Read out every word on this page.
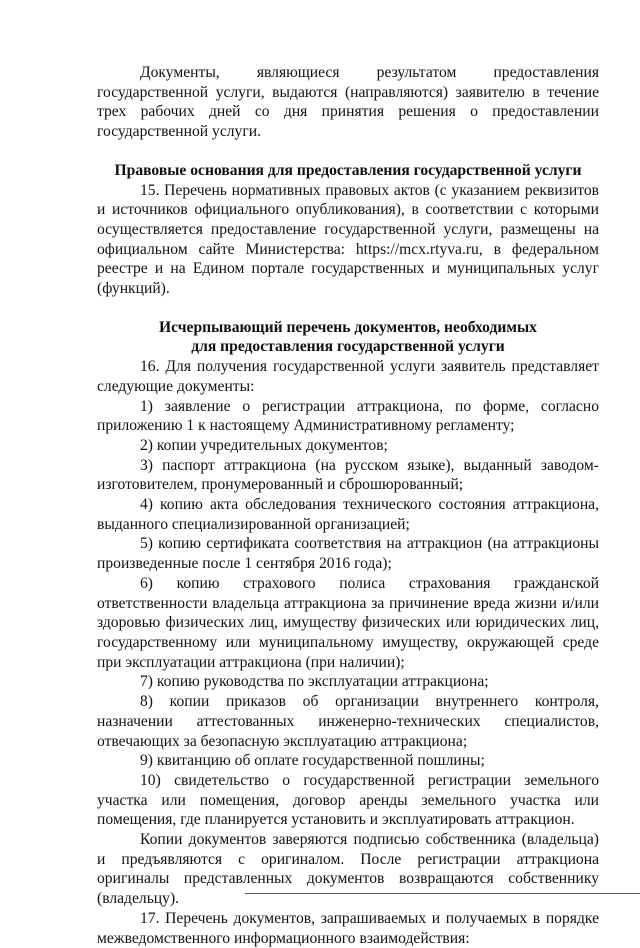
Документы, являющиеся результатом предоставления государственной услуги, выдаются (направляются) заявителю в течение трех рабочих дней со дня принятия решения о предоставлении государственной услуги.

Правовые основания для предоставления государственной услуги

15. Перечень нормативных правовых актов (с указанием реквизитов и источников официального опубликования), в соответствии с которыми осуществляется предоставление государственной услуги, размещены на официальном сайте Министерства: https://mcx.rtyva.ru, в федеральном реестре и на Едином портале государственных и муниципальных услуг (функций).

Исчерпывающий перечень документов, необходимых

для предоставления государственной услуги

16. Для получения государственной услуги заявитель представляет следующие документы:

1) заявление о регистрации аттракциона, по форме, согласно приложению 1 к настоящему Административному регламенту;

2) копии учредительных документов;

3) паспорт аттракциона (на русском языке), выданный заводом-изготовителем, пронумерованный и сброшюрованный;

4) копию акта обследования технического состояния аттракциона, выданного специализированной организацией;

5) копию сертификата соответствия на аттракцион (на аттракционы произведенные после 1 сентября 2016 года);

6) копию страхового полиса страхования гражданской ответственности владельца аттракциона за причинение вреда жизни и/или здоровью физических лиц, имуществу физических или юридических лиц, государственному или муниципальному имуществу, окружающей среде при эксплуатации аттракциона (при наличии);

7) копию руководства по эксплуатации аттракциона;

8) копии приказов об организации внутреннего контроля, назначении аттестованных инженерно-технических специалистов, отвечающих за безопасную эксплуатацию аттракциона;

9) квитанцию об оплате государственной пошлины;

10) свидетельство о государственной регистрации земельного участка или помещения, договор аренды земельного участка или помещения, где планируется установить и эксплуатировать аттракцион.

Копии документов заверяются подписью собственника (владельца) и предъявляются с оригиналом. После регистрации аттракциона оригиналы представленных документов возвращаются собственнику (владельцу).

17. Перечень документов, запрашиваемых и получаемых в порядке межведомственного информационного взаимодействия:
